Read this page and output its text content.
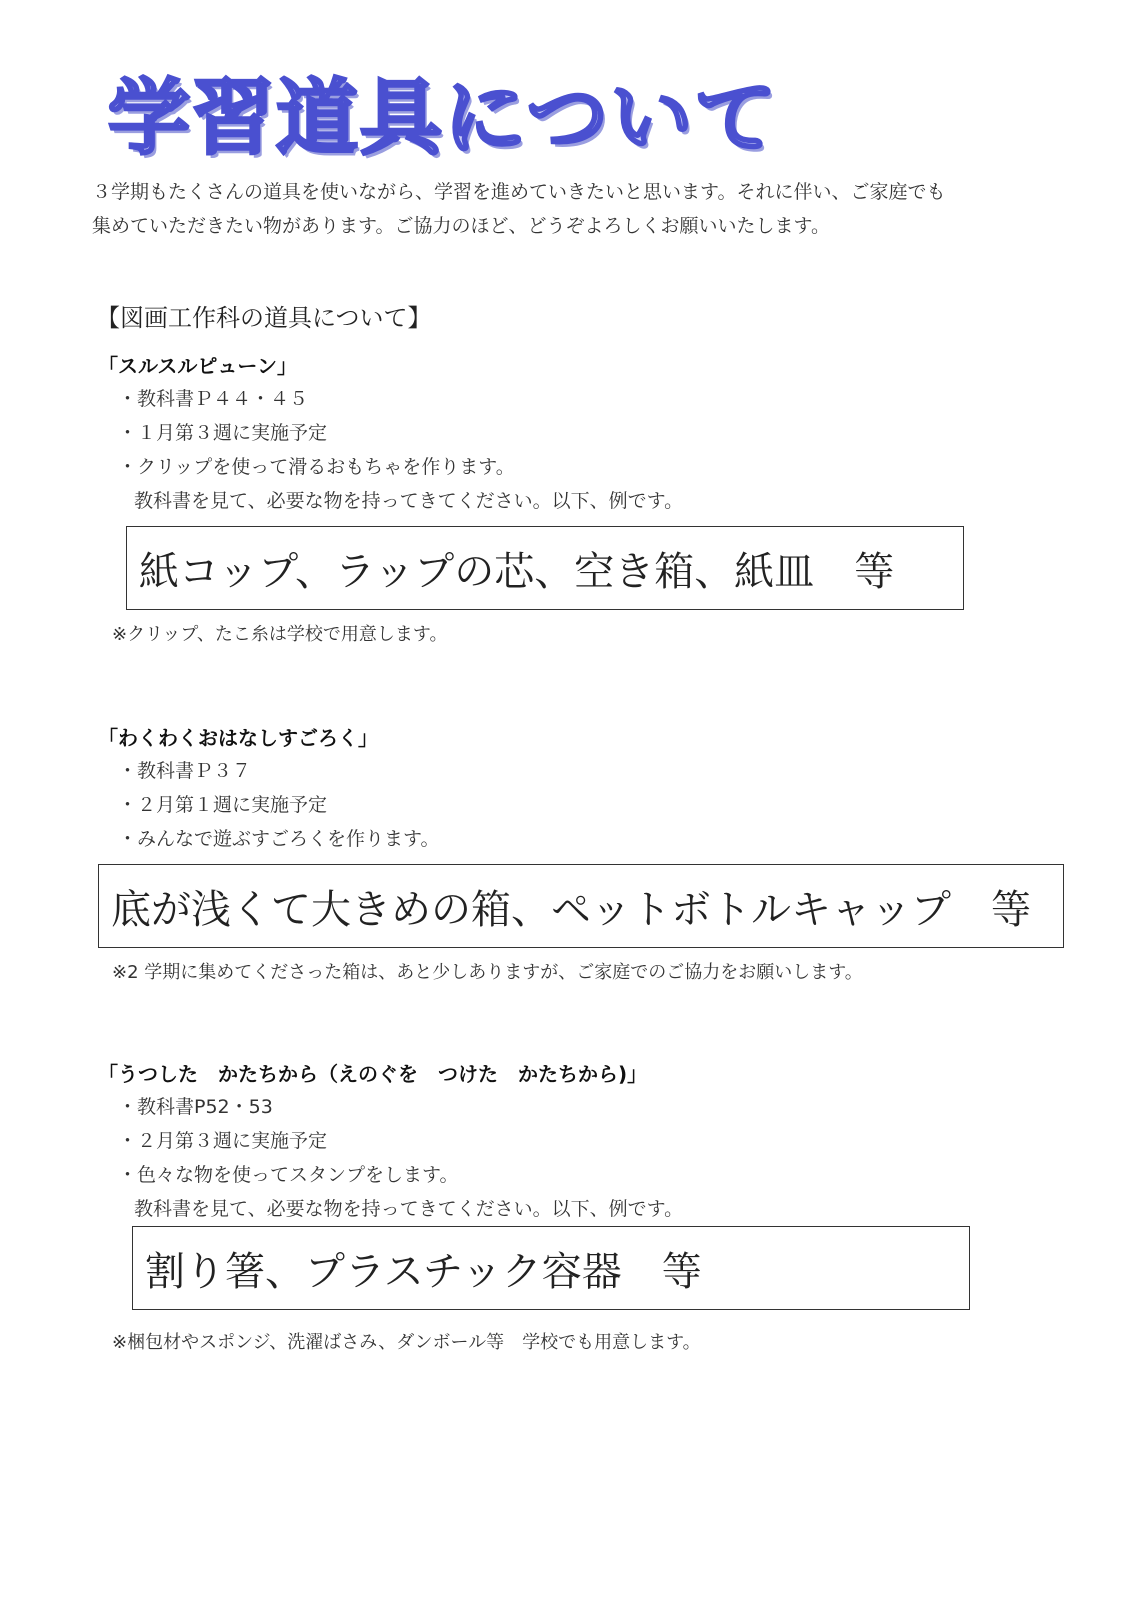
学習道具について
３学期もたくさんの道具を使いながら、学習を進めていきたいと思います。それに伴い、ご家庭でも
集めていただきたい物があります。ご協力のほど、どうぞよろしくお願いいたします。
【図画工作科の道具について】
「スルスルピューン」
・教科書Ｐ４４・４５
・１月第３週に実施予定
・クリップを使って滑るおもちゃを作ります。
教科書を見て、必要な物を持ってきてください。以下、例です。
紙コップ、ラップの芯、空き箱、紙皿　等
※クリップ、たこ糸は学校で用意します。
「わくわくおはなしすごろく」
・教科書Ｐ３７
・２月第１週に実施予定
・みんなで遊ぶすごろくを作ります。
底が浅くて大きめの箱、ペットボトルキャップ　等
※2 学期に集めてくださった箱は、あと少しありますが、ご家庭でのご協力をお願いします。
「うつした　かたちから（えのぐを　つけた　かたちから)」
・教科書P52・53
・２月第３週に実施予定
・色々な物を使ってスタンプをします。
教科書を見て、必要な物を持ってきてください。以下、例です。
割り箸、プラスチック容器　等
※梱包材やスポンジ、洗濯ばさみ、ダンボール等　学校でも用意します。
